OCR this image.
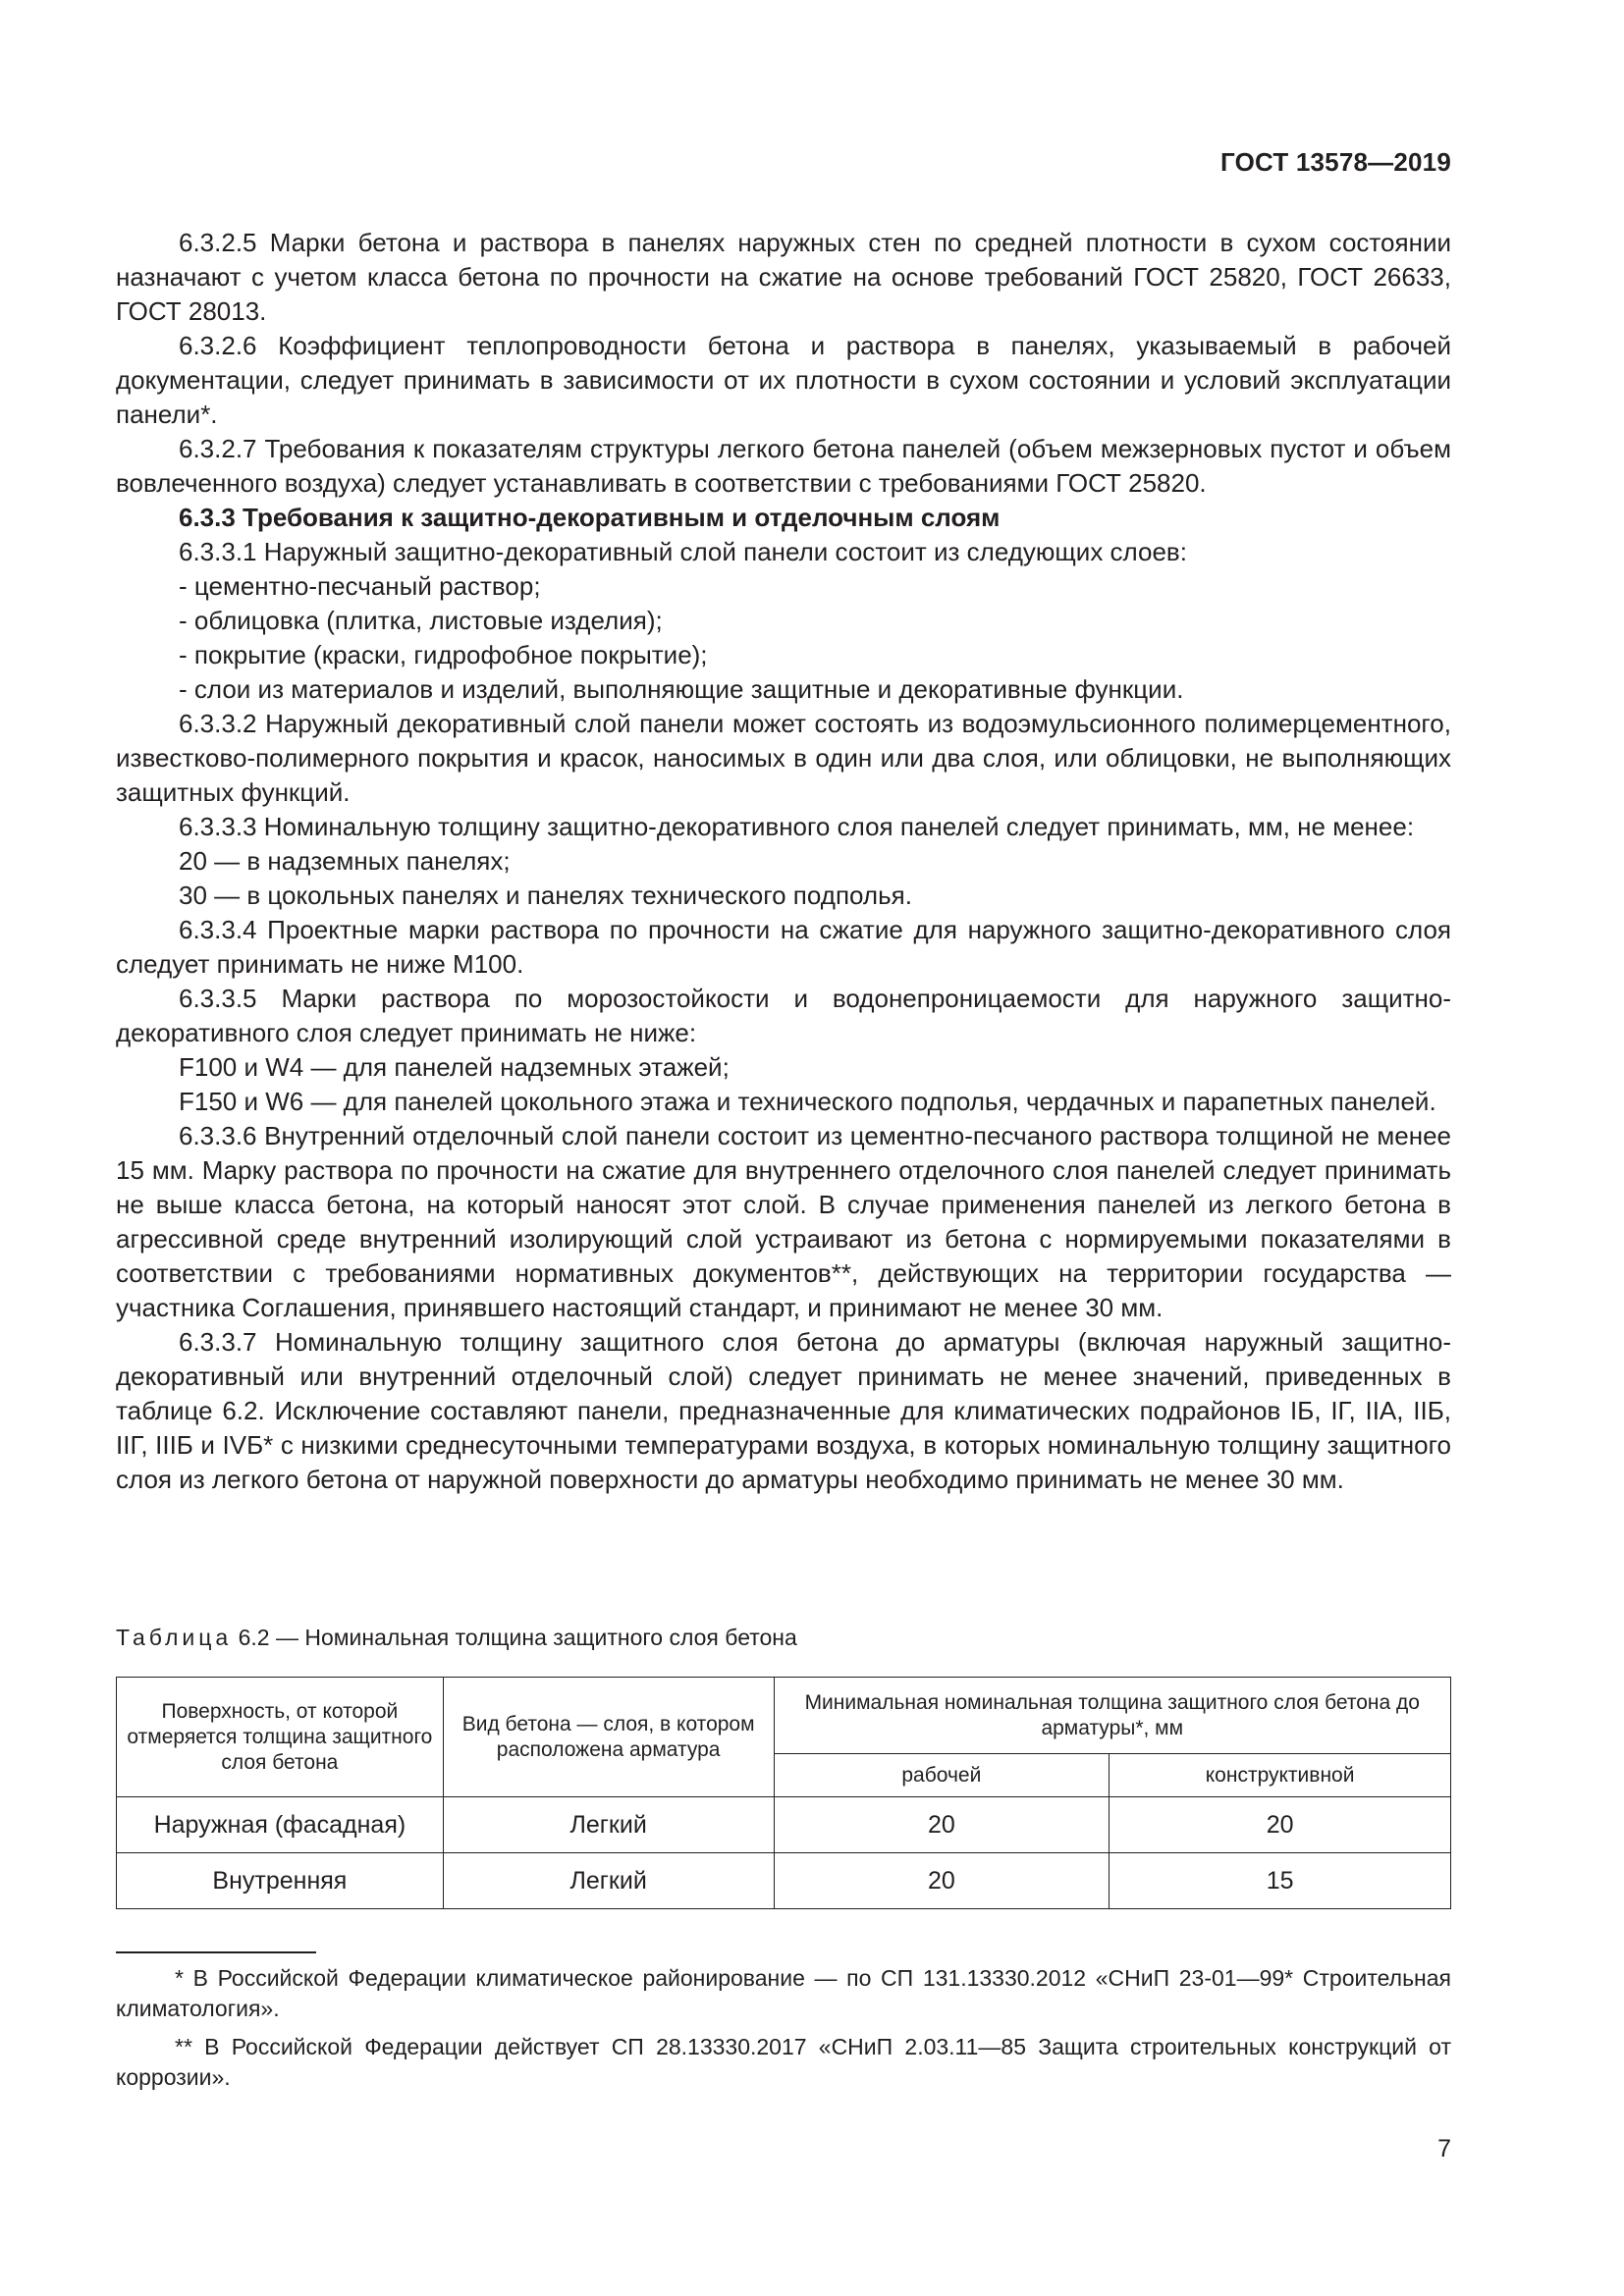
ГОСТ 13578—2019

6.3.2.5 Марки бетона и раствора в панелях наружных стен по средней плотности в сухом состоянии назначают с учетом класса бетона по прочности на сжатие на основе требований ГОСТ 25820, ГОСТ 26633, ГОСТ 28013.

6.3.2.6 Коэффициент теплопроводности бетона и раствора в панелях, указываемый в рабочей документации, следует принимать в зависимости от их плотности в сухом состоянии и условий эксплуатации панели*.

6.3.2.7 Требования к показателям структуры легкого бетона панелей (объем межзерновых пустот и объем вовлеченного воздуха) следует устанавливать в соответствии с требованиями ГОСТ 25820.

6.3.3 Требования к защитно-декоративным и отделочным слоям

6.3.3.1 Наружный защитно-декоративный слой панели состоит из следующих слоев:

- цементно-песчаный раствор;

- облицовка (плитка, листовые изделия);

- покрытие (краски, гидрофобное покрытие);

- слои из материалов и изделий, выполняющие защитные и декоративные функции.

6.3.3.2 Наружный декоративный слой панели может состоять из водоэмульсионного полимерцементного, известково-полимерного покрытия и красок, наносимых в один или два слоя, или облицовки, не выполняющих защитных функций.

6.3.3.3 Номинальную толщину защитно-декоративного слоя панелей следует принимать, мм, не менее:

20 — в надземных панелях;

30 — в цокольных панелях и панелях технического подполья.

6.3.3.4 Проектные марки раствора по прочности на сжатие для наружного защитно-декоративного слоя следует принимать не ниже М100.

6.3.3.5 Марки раствора по морозостойкости и водонепроницаемости для наружного защитно-декоративного слоя следует принимать не ниже:

F100 и W4 — для панелей надземных этажей;

F150 и W6 — для панелей цокольного этажа и технического подполья, чердачных и парапетных панелей.

6.3.3.6 Внутренний отделочный слой панели состоит из цементно-песчаного раствора толщиной не менее 15 мм. Марку раствора по прочности на сжатие для внутреннего отделочного слоя панелей следует принимать не выше класса бетона, на который наносят этот слой. В случае применения панелей из легкого бетона в агрессивной среде внутренний изолирующий слой устраивают из бетона с нормируемыми показателями в соответствии с требованиями нормативных документов**, действующих на территории государства — участника Соглашения, принявшего настоящий стандарт, и принимают не менее 30 мм.

6.3.3.7 Номинальную толщину защитного слоя бетона до арматуры (включая наружный защитно-декоративный или внутренний отделочный слой) следует принимать не менее значений, приведенных в таблице 6.2. Исключение составляют панели, предназначенные для климатических подрайонов IБ, IГ, IIА, IIБ, IIГ, IIIБ и IVБ* с низкими среднесуточными температурами воздуха, в которых номинальную толщину защитного слоя из легкого бетона от наружной поверхности до арматуры необходимо принимать не менее 30 мм.

Таблица 6.2 — Номинальная толщина защитного слоя бетона
Поверхность, от которой отмеряется толщина защитного слоя бетона	Вид бетона — слоя, в котором расположена арматура	Минимальная номинальная толщина защитного слоя бетона до арматуры*, мм	
		рабочей	конструктивной
Наружная (фасадная)	Легкий	20	20
Внутренняя	Легкий	20	15

* В Российской Федерации климатическое районирование — по СП 131.13330.2012 «СНиП 23-01—99* Строительная климатология».

** В Российской Федерации действует СП 28.13330.2017 «СНиП 2.03.11—85 Защита строительных конструкций от коррозии».

7
